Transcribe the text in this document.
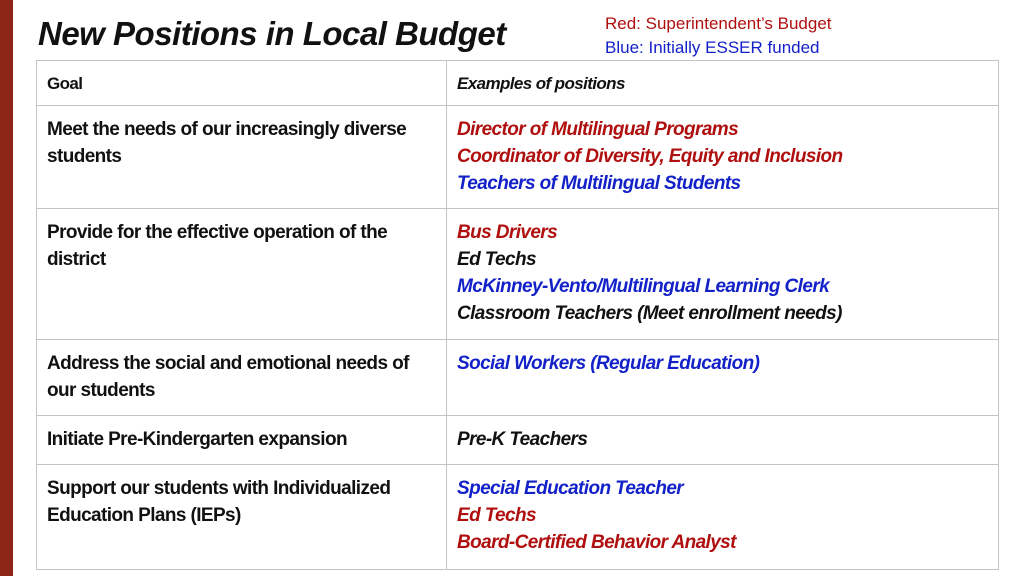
New Positions in Local Budget	Red: Superintendent’s Budget
Blue: Initially ESSER funded
Goal	Examples of positions
Meet the needs of our increasingly diverse students	Director of Multilingual Programs
Coordinator of Diversity, Equity and Inclusion
Teachers of Multilingual Students

Provide for the effective operation of the district	Bus Drivers
Ed Techs
McKinney-Vento/Multilingual Learning Clerk
Classroom Teachers (Meet enrollment needs)

Address the social and emotional needs of our students	Social Workers (Regular Education)

Initiate Pre-Kindergarten expansion	Pre-K Teachers

Support our students with Individualized Education Plans (IEPs)	Special Education Teacher
Ed Techs
Board-Certified Behavior Analyst
